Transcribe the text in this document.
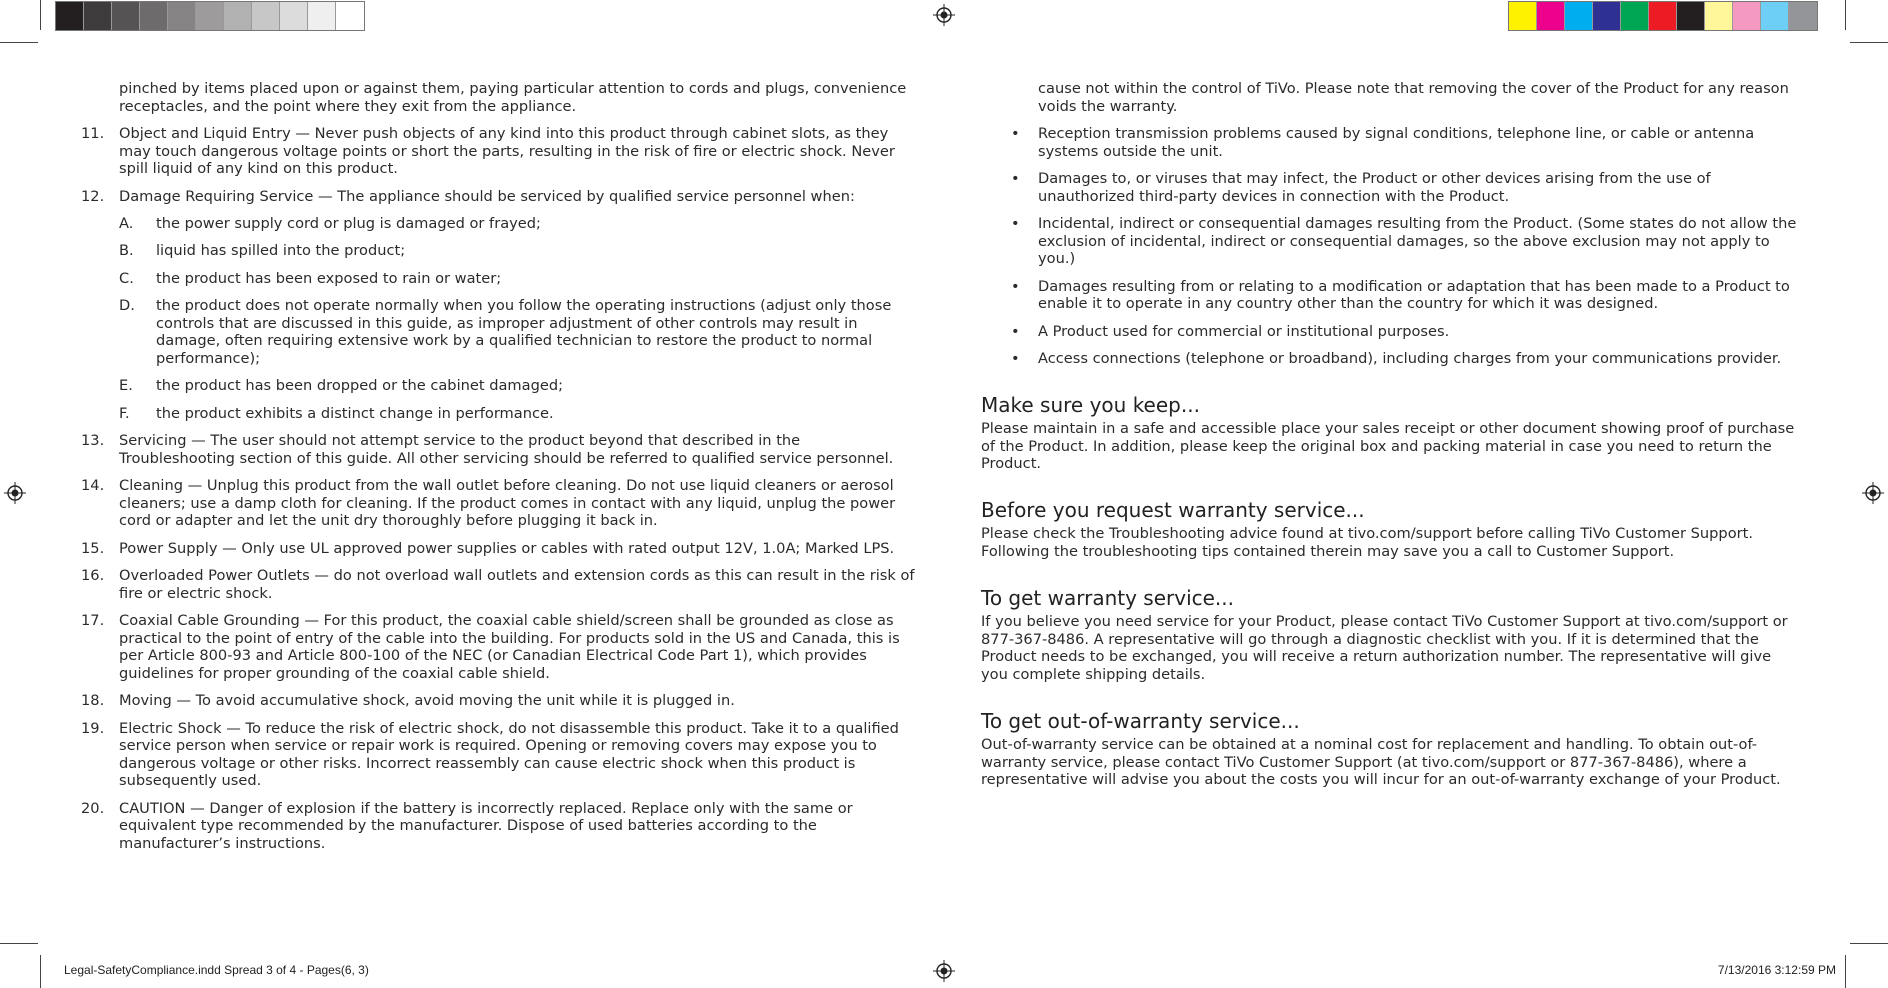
pinched by items placed upon or against them, paying particular attention to cords and plugs, convenience receptacles, and the point where they exit from the appliance.
11. Object and Liquid Entry — Never push objects of any kind into this product through cabinet slots, as they may touch dangerous voltage points or short the parts, resulting in the risk of fire or electric shock. Never spill liquid of any kind on this product.
12. Damage Requiring Service — The appliance should be serviced by qualified service personnel when:
A. the power supply cord or plug is damaged or frayed;
B. liquid has spilled into the product;
C. the product has been exposed to rain or water;
D. the product does not operate normally when you follow the operating instructions (adjust only those controls that are discussed in this guide, as improper adjustment of other controls may result in damage, often requiring extensive work by a qualified technician to restore the product to normal performance);
E. the product has been dropped or the cabinet damaged;
F. the product exhibits a distinct change in performance.
13. Servicing — The user should not attempt service to the product beyond that described in the Troubleshooting section of this guide. All other servicing should be referred to qualified service personnel.
14. Cleaning — Unplug this product from the wall outlet before cleaning. Do not use liquid cleaners or aerosol cleaners; use a damp cloth for cleaning. If the product comes in contact with any liquid, unplug the power cord or adapter and let the unit dry thoroughly before plugging it back in.
15. Power Supply — Only use UL approved power supplies or cables with rated output 12V, 1.0A; Marked LPS.
16. Overloaded Power Outlets — do not overload wall outlets and extension cords as this can result in the risk of fire or electric shock.
17. Coaxial Cable Grounding — For this product, the coaxial cable shield/screen shall be grounded as close as practical to the point of entry of the cable into the building. For products sold in the US and Canada, this is per Article 800-93 and Article 800-100 of the NEC (or Canadian Electrical Code Part 1), which provides guidelines for proper grounding of the coaxial cable shield.
18. Moving — To avoid accumulative shock, avoid moving the unit while it is plugged in.
19. Electric Shock — To reduce the risk of electric shock, do not disassemble this product. Take it to a qualified service person when service or repair work is required. Opening or removing covers may expose you to dangerous voltage or other risks. Incorrect reassembly can cause electric shock when this product is subsequently used.
20. CAUTION — Danger of explosion if the battery is incorrectly replaced. Replace only with the same or equivalent type recommended by the manufacturer. Dispose of used batteries according to the manufacturer’s instructions.
cause not within the control of TiVo. Please note that removing the cover of the Product for any reason voids the warranty.
• Reception transmission problems caused by signal conditions, telephone line, or cable or antenna systems outside the unit.
• Damages to, or viruses that may infect, the Product or other devices arising from the use of unauthorized third-party devices in connection with the Product.
• Incidental, indirect or consequential damages resulting from the Product. (Some states do not allow the exclusion of incidental, indirect or consequential damages, so the above exclusion may not apply to you.)
• Damages resulting from or relating to a modification or adaptation that has been made to a Product to enable it to operate in any country other than the country for which it was designed.
• A Product used for commercial or institutional purposes.
• Access connections (telephone or broadband), including charges from your communications provider.
Make sure you keep...

Please maintain in a safe and accessible place your sales receipt or other document showing proof of purchase of the Product. In addition, please keep the original box and packing material in case you need to return the Product.

Before you request warranty service...

Please check the Troubleshooting advice found at tivo.com/support before calling TiVo Customer Support. Following the troubleshooting tips contained therein may save you a call to Customer Support.

To get warranty service...

If you believe you need service for your Product, please contact TiVo Customer Support at tivo.com/support or 877-367-8486. A representative will go through a diagnostic checklist with you. If it is determined that the Product needs to be exchanged, you will receive a return authorization number. The representative will give you complete shipping details.

To get out-of-warranty service...

Out-of-warranty service can be obtained at a nominal cost for replacement and handling. To obtain out-of-warranty service, please contact TiVo Customer Support (at tivo.com/support or 877-367-8486), where a representative will advise you about the costs you will incur for an out-of-warranty exchange of your Product.

Legal-SafetyCompliance.indd Spread 3 of 4 - Pages(6, 3)	7/13/2016 3:12:59 PM
